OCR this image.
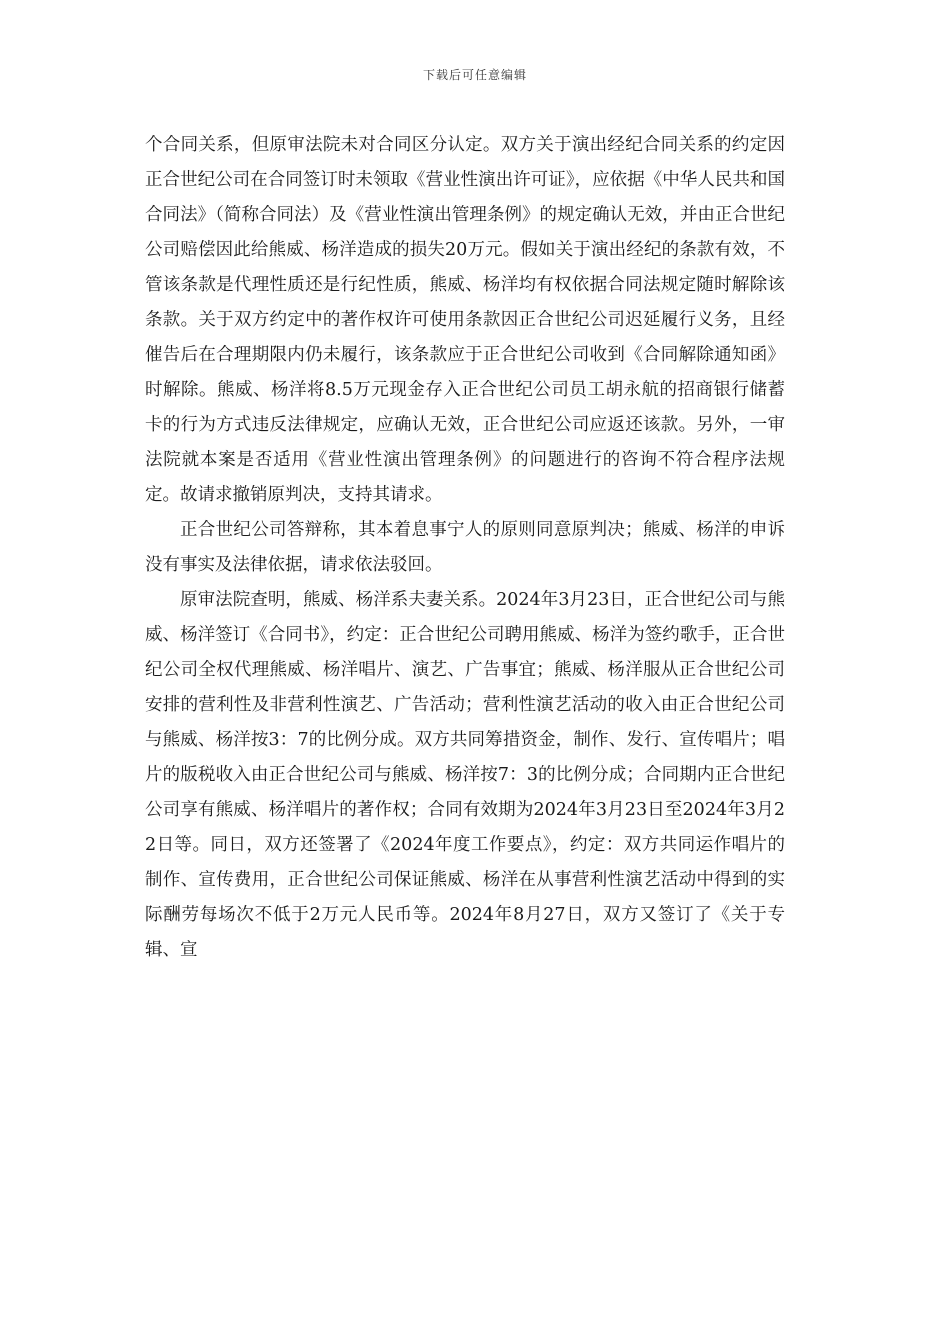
下载后可任意编辑

个合同关系，但原审法院未对合同区分认定。双方关于演出经纪合同关系的约定因正合世纪公司在合同签订时未领取《营业性演出许可证》，应依据《中华人民共和国合同法》（简称合同法）及《营业性演出管理条例》的规定确认无效，并由正合世纪公司赔偿因此给熊威、杨洋造成的损失20万元。假如关于演出经纪的条款有效，不管该条款是代理性质还是行纪性质，熊威、杨洋均有权依据合同法规定随时解除该条款。关于双方约定中的著作权许可使用条款因正合世纪公司迟延履行义务，且经催告后在合理期限内仍未履行，该条款应于正合世纪公司收到《合同解除通知函》时解除。熊威、杨洋将8.5万元现金存入正合世纪公司员工胡永航的招商银行储蓄卡的行为方式违反法律规定，应确认无效，正合世纪公司应返还该款。另外，一审法院就本案是否适用《营业性演出管理条例》的问题进行的咨询不符合程序法规定。故请求撤销原判决，支持其请求。

正合世纪公司答辩称，其本着息事宁人的原则同意原判决；熊威、杨洋的申诉没有事实及法律依据，请求依法驳回。

原审法院查明，熊威、杨洋系夫妻关系。2024年3月23日，正合世纪公司与熊威、杨洋签订《合同书》，约定：正合世纪公司聘用熊威、杨洋为签约歌手，正合世纪公司全权代理熊威、杨洋唱片、演艺、广告事宜；熊威、杨洋服从正合世纪公司安排的营利性及非营利性演艺、广告活动；营利性演艺活动的收入由正合世纪公司与熊威、杨洋按3：7的比例分成。双方共同筹措资金，制作、发行、宣传唱片；唱片的版税收入由正合世纪公司与熊威、杨洋按7：3的比例分成；合同期内正合世纪公司享有熊威、杨洋唱片的著作权；合同有效期为2024年3月23日至2024年3月22日等。同日，双方还签署了《2024年度工作要点》，约定：双方共同运作唱片的制作、宣传费用，正合世纪公司保证熊威、杨洋在从事营利性演艺活动中得到的实际酬劳每场次不低于2万元人民币等。2024年8月27日，双方又签订了《关于专辑、宣
